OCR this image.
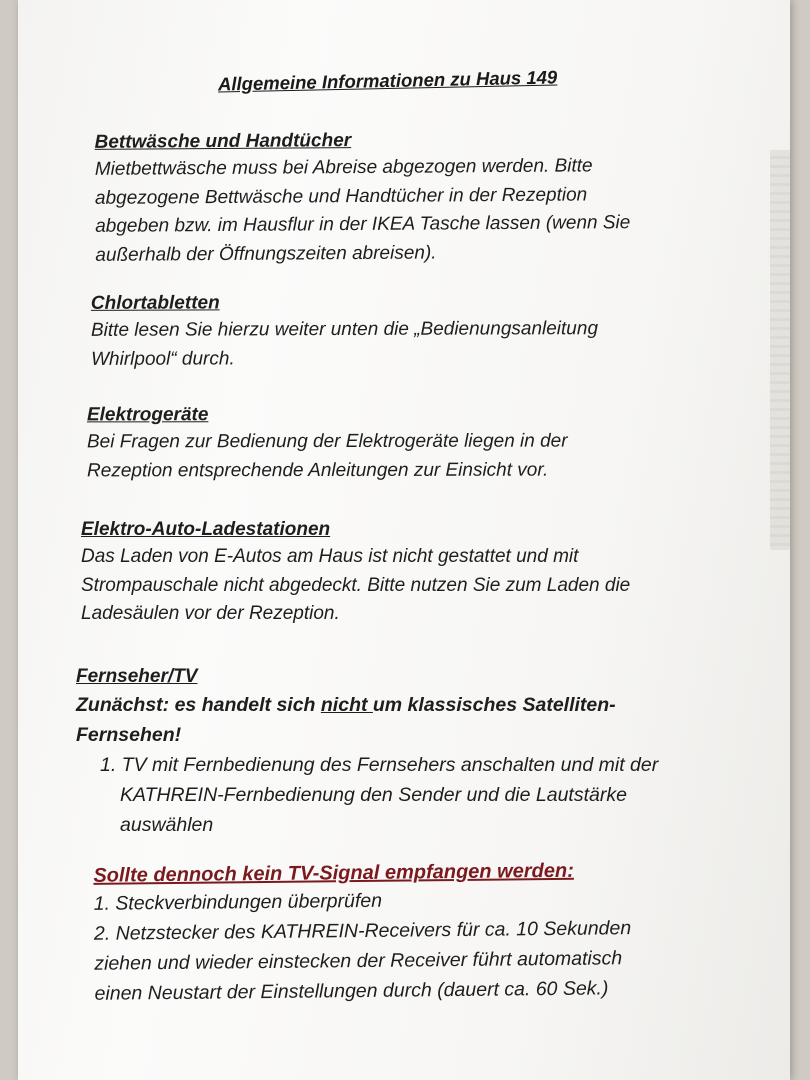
Allgemeine Informationen zu Haus 149

Bettwäsche und Handtücher

Mietbettwäsche muss bei Abreise abgezogen werden. Bitte

abgezogene Bettwäsche und Handtücher in der Rezeption

abgeben bzw. im Hausflur in der IKEA Tasche lassen (wenn Sie

außerhalb der Öffnungszeiten abreisen).

Chlortabletten

Bitte lesen Sie hierzu weiter unten die „Bedienungsanleitung

Whirlpool“ durch.

Elektrogeräte

Bei Fragen zur Bedienung der Elektrogeräte liegen in der

Rezeption entsprechende Anleitungen zur Einsicht vor.

Elektro-Auto-Ladestationen

Das Laden von E-Autos am Haus ist nicht gestattet und mit

Strompauschale nicht abgedeckt. Bitte nutzen Sie zum Laden die

Ladesäulen vor der Rezeption.

Fernseher/TV

Zunächst: es handelt sich nicht um klassisches Satelliten-

Fernsehen!

1. TV mit Fernbedienung des Fernsehers anschalten und mit der

KATHREIN-Fernbedienung den Sender und die Lautstärke

auswählen

Sollte dennoch kein TV-Signal empfangen werden:

1. Steckverbindungen überprüfen

2. Netzstecker des KATHREIN-Receivers für ca. 10 Sekunden

ziehen und wieder einstecken der Receiver führt automatisch

einen Neustart der Einstellungen durch (dauert ca. 60 Sek.)
